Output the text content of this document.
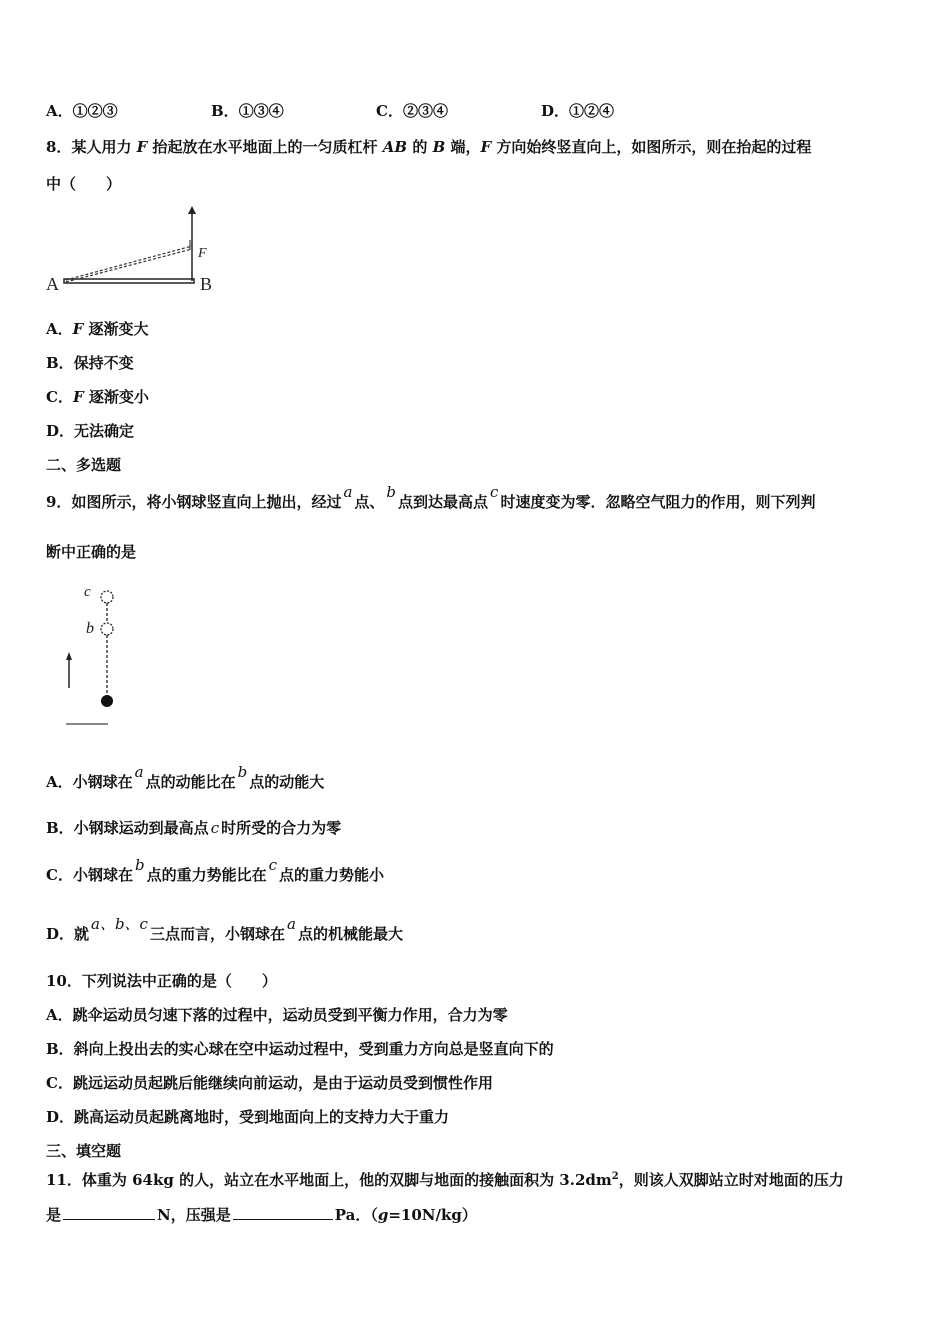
A．①②③	B．①③④	C．②③④	D．①②④
8．某人用力 F 抬起放在水平地面上的一匀质杠杆 AB 的 B 端，F 方向始终竖直向上，如图所示，则在抬起的过程
中（　　）
A	B
F
A．F 逐渐变大
B．保持不变
C．F 逐渐变小
D．无法确定
二、多选题
9．如图所示，将小钢球竖直向上抛出，经过$^a$点、$^b$点到达最高点$^c$时速度变为零．忽略空气阻力的作用，则下列判
断中正确的是
c
b
A．小钢球在$^a$点的动能比在$^b$点的动能大
B．小钢球运动到最高点 c 时所受的合力为零
C．小钢球在$^b$点的重力势能比在$^c$点的重力势能小
D．就$^{a、b、c}$三点而言，小钢球在$^a$点的机械能最大
10．下列说法中正确的是（　　）
A．跳伞运动员匀速下落的过程中，运动员受到平衡力作用，合力为零
B．斜向上投出去的实心球在空中运动过程中，受到重力方向总是竖直向下的
C．跳远运动员起跳后能继续向前运动，是由于运动员受到惯性作用
D．跳高运动员起跳离地时，受到地面向上的支持力大于重力
三、填空题
11．体重为 64kg 的人，站立在水平地面上，他的双脚与地面的接触面积为 $3.2dm^2$，则该人双脚站立时对地面的压力
是	N，压强是	Pa．（g=10N/kg）
